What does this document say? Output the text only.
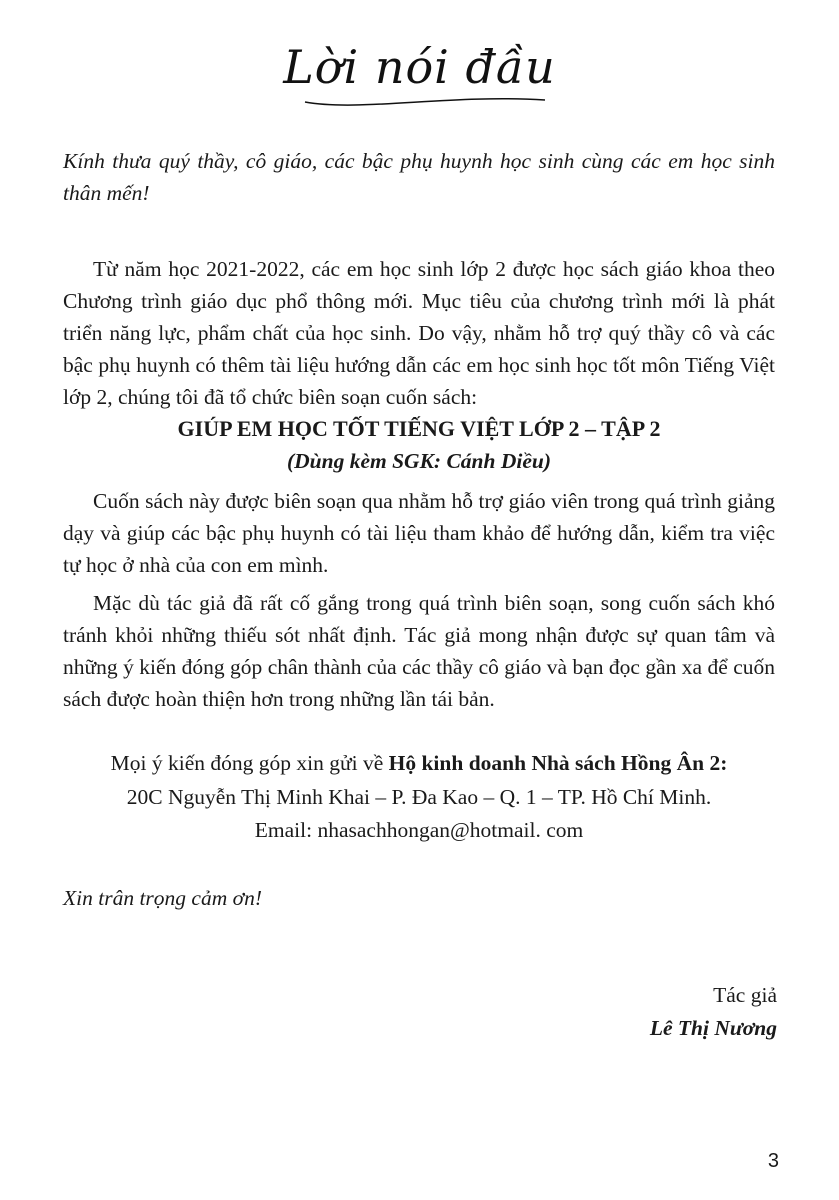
Lời nói đầu
Kính thưa quý thầy, cô giáo, các bậc phụ huynh học sinh cùng các em học sinh thân mến!
Từ năm học 2021-2022, các em học sinh lớp 2 được học sách giáo khoa theo Chương trình giáo dục phổ thông mới. Mục tiêu của chương trình mới là phát triển năng lực, phẩm chất của học sinh. Do vậy, nhằm hỗ trợ quý thầy cô và các bậc phụ huynh có thêm tài liệu hướng dẫn các em học sinh học tốt môn Tiếng Việt lớp 2, chúng tôi đã tổ chức biên soạn cuốn sách:
GIÚP EM HỌC TỐT TIẾNG VIỆT LỚP 2 – TẬP 2
(Dùng kèm SGK: Cánh Diều)
Cuốn sách này được biên soạn qua nhằm hỗ trợ giáo viên trong quá trình giảng dạy và giúp các bậc phụ huynh có tài liệu tham khảo để hướng dẫn, kiểm tra việc tự học ở nhà của con em mình.
Mặc dù tác giả đã rất cố gắng trong quá trình biên soạn, song cuốn sách khó tránh khỏi những thiếu sót nhất định. Tác giả mong nhận được sự quan tâm và những ý kiến đóng góp chân thành của các thầy cô giáo và bạn đọc gần xa để cuốn sách được hoàn thiện hơn trong những lần tái bản.
Mọi ý kiến đóng góp xin gửi về Hộ kinh doanh Nhà sách Hồng Ân 2:
20C Nguyễn Thị Minh Khai – P. Đa Kao – Q. 1 – TP. Hồ Chí Minh.
Email: nhasachhongan@hotmail. com
Xin trân trọng cảm ơn!
Tác giả
Lê Thị Nương
3
